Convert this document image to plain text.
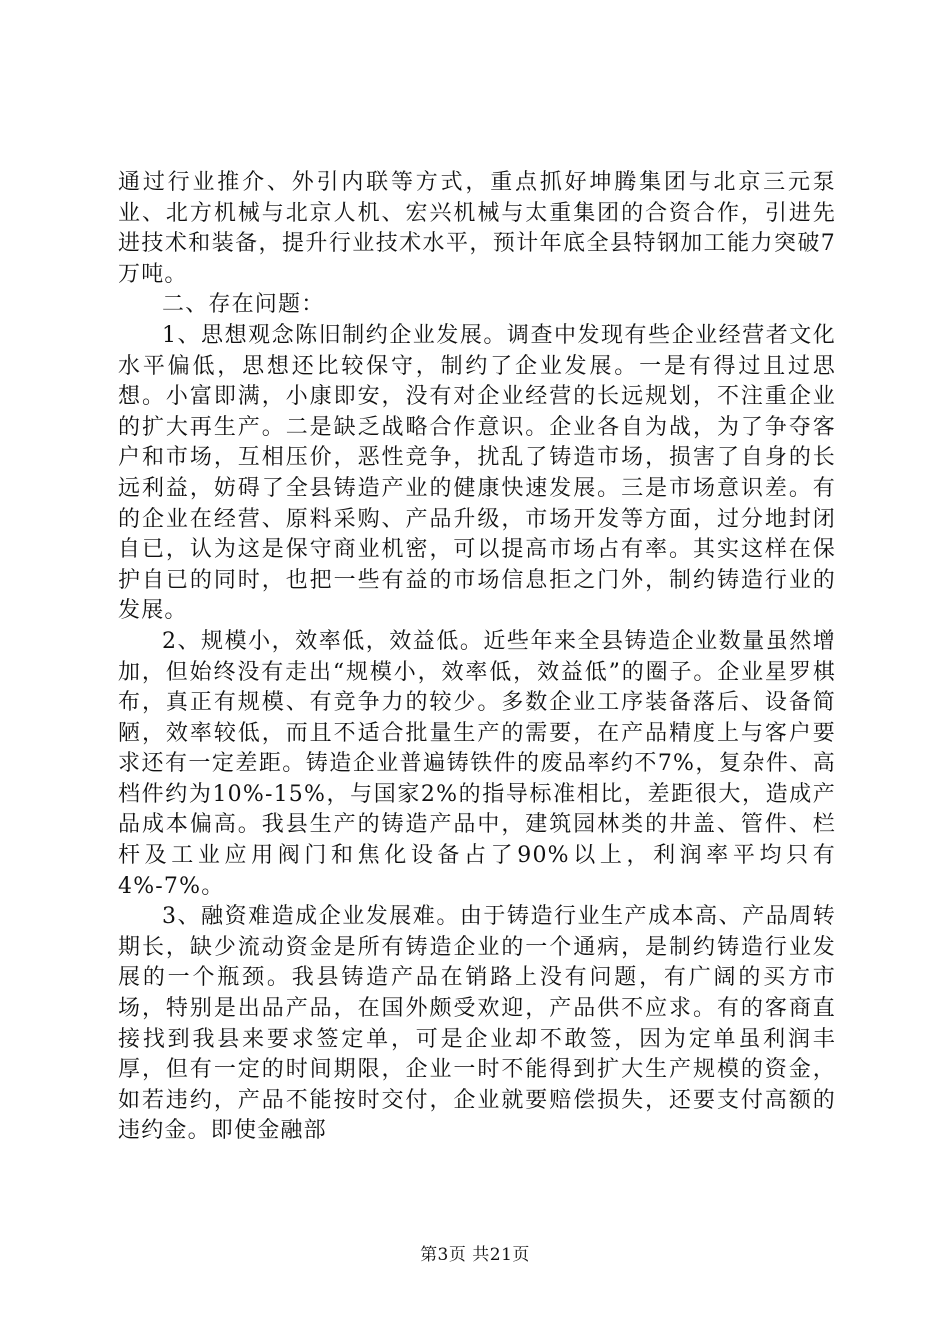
通过行业推介、外引内联等方式，重点抓好坤腾集团与北京三元泵业、北方机械与北京人机、宏兴机械与太重集团的合资合作，引进先进技术和装备，提升行业技术水平，预计年底全县特钢加工能力突破7万吨。

二、存在问题：

1、思想观念陈旧制约企业发展。调查中发现有些企业经营者文化水平偏低，思想还比较保守，制约了企业发展。一是有得过且过思想。小富即满，小康即安，没有对企业经营的长远规划，不注重企业的扩大再生产。二是缺乏战略合作意识。企业各自为战，为了争夺客户和市场，互相压价，恶性竞争，扰乱了铸造市场，损害了自身的长远利益，妨碍了全县铸造产业的健康快速发展。三是市场意识差。有的企业在经营、原料采购、产品升级，市场开发等方面，过分地封闭自已，认为这是保守商业机密，可以提高市场占有率。其实这样在保护自已的同时，也把一些有益的市场信息拒之门外，制约铸造行业的发展。

2、规模小，效率低，效益低。近些年来全县铸造企业数量虽然增加，但始终没有走出“规模小，效率低，效益低”的圈子。企业星罗棋布，真正有规模、有竞争力的较少。多数企业工序装备落后、设备简陋，效率较低，而且不适合批量生产的需要，在产品精度上与客户要求还有一定差距。铸造企业普遍铸铁件的废品率约不7%，复杂件、高档件约为10%-15%，与国家2%的指导标准相比，差距很大，造成产品成本偏高。我县生产的铸造产品中，建筑园林类的井盖、管件、栏杆及工业应用阀门和焦化设备占了90%以上，利润率平均只有4%-7%。

3、融资难造成企业发展难。由于铸造行业生产成本高、产品周转期长，缺少流动资金是所有铸造企业的一个通病，是制约铸造行业发展的一个瓶颈。我县铸造产品在销路上没有问题，有广阔的买方市场，特别是出品产品，在国外颇受欢迎，产品供不应求。有的客商直接找到我县来要求签定单，可是企业却不敢签，因为定单虽利润丰厚，但有一定的时间期限，企业一时不能得到扩大生产规模的资金，如若违约，产品不能按时交付，企业就要赔偿损失，还要支付高额的违约金。即使金融部

第3页 共21页
